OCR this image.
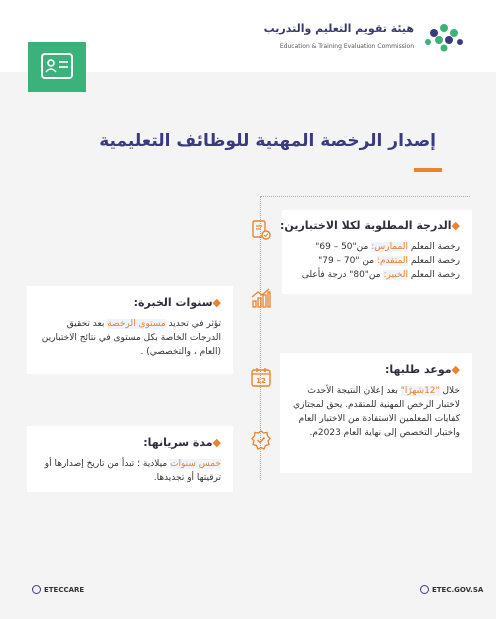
هيئة تقويم التعليم والتدريب
Education & Training Evaluation Commission
إصدار الرخصة المهنية للوظائف التعليمية
12
◆الدرجة المطلوبة لكلا الاختبارين:

رخصة المعلم الممارس: من"50 – 69"

رخصة المعلم المتقدم: من "70 – 79"

رخصة المعلم الخبير: من"80" درجة فأعلى

◆سنوات الخبرة:

تؤثر في تحديد مستوى الرخصة بعد تحقيق الدرجات الخاصة بكل مستوى في نتائج الاختبارين (العام ، والتخصصي) .

◆موعد طلبها:

خلال "12شهرًا" بعد إعلان النتيجة الأحدث لاختبار الرخص المهنية للمتقدم. يحق لمجتازي كفايات المعلمين الاستفادة من الاختبار العام واختبار التخصص إلى نهاية العام 2023م.

◆مدة سريانها:

خمس سنوات ميلادية ؛ تبدأ من تاريخ إصدارها أو ترقيتها أو تجديدها.

ETECCARE	ETEC.GOV.SA
